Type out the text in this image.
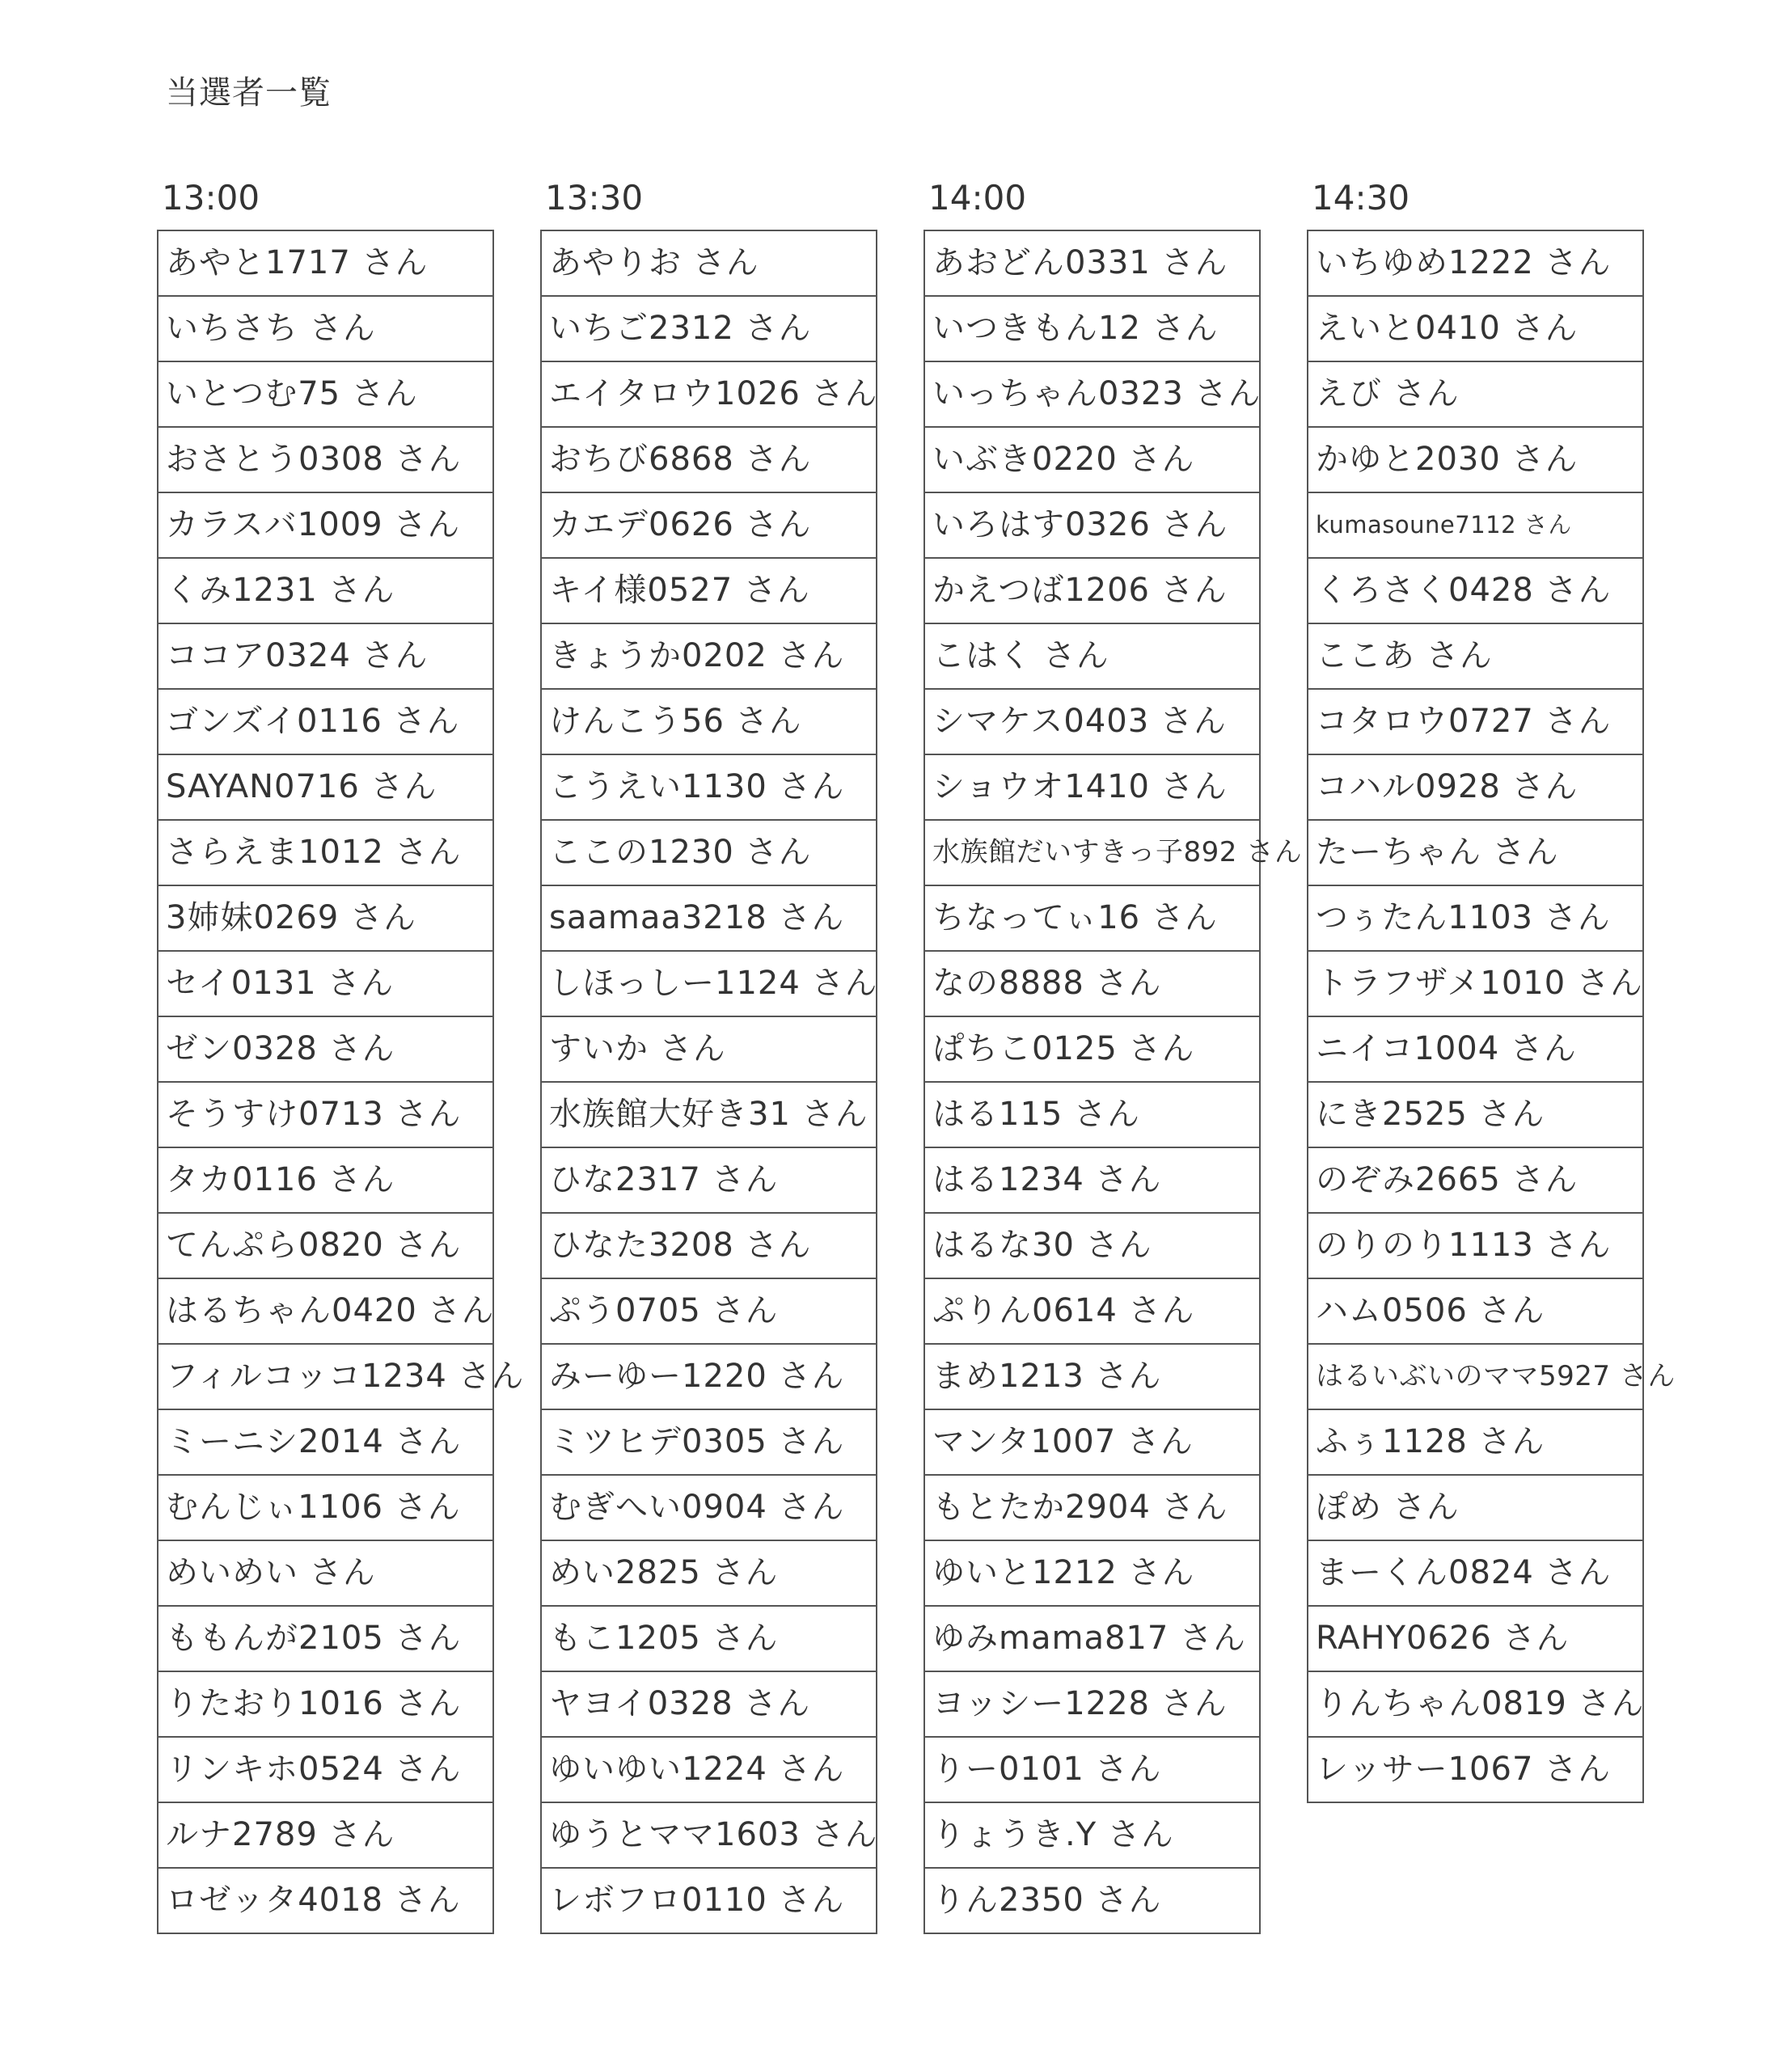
当選者一覧
13:00
あやと1717 さん
いちさち さん
いとつむ75 さん
おさとう0308 さん
カラスバ1009 さん
くみ1231 さん
ココア0324 さん
ゴンズイ0116 さん
SAYAN0716 さん
さらえま1012 さん
3姉妹0269 さん
セイ0131 さん
ゼン0328 さん
そうすけ0713 さん
タカ0116 さん
てんぷら0820 さん
はるちゃん0420 さん
フィルコッコ1234 さん
ミーニシ2014 さん
むんじぃ1106 さん
めいめい さん
ももんが2105 さん
りたおり1016 さん
リンキホ0524 さん
ルナ2789 さん
ロゼッタ4018 さん
13:30
あやりお さん
いちご2312 さん
エイタロウ1026 さん
おちび6868 さん
カエデ0626 さん
キイ様0527 さん
きょうか0202 さん
けんこう56 さん
こうえい1130 さん
ここの1230 さん
saamaa3218 さん
しほっしー1124 さん
すいか さん
水族館大好き31 さん
ひな2317 さん
ひなた3208 さん
ぷう0705 さん
みーゆー1220 さん
ミツヒデ0305 さん
むぎへい0904 さん
めい2825 さん
もこ1205 さん
ヤヨイ0328 さん
ゆいゆい1224 さん
ゆうとママ1603 さん
レボフロ0110 さん
14:00
あおどん0331 さん
いつきもん12 さん
いっちゃん0323 さん
いぶき0220 さん
いろはす0326 さん
かえつば1206 さん
こはく さん
シマケス0403 さん
ショウオ1410 さん
水族館だいすきっ子892 さん
ちなってぃ16 さん
なの8888 さん
ぱちこ0125 さん
はる115 さん
はる1234 さん
はるな30 さん
ぷりん0614 さん
まめ1213 さん
マンタ1007 さん
もとたか2904 さん
ゆいと1212 さん
ゆみmama817 さん
ヨッシー1228 さん
りー0101 さん
りょうき.Y さん
りん2350 さん
14:30
いちゆめ1222 さん
えいと0410 さん
えび さん
かゆと2030 さん
kumasoune7112 さん
くろさく0428 さん
ここあ さん
コタロウ0727 さん
コハル0928 さん
たーちゃん さん
つぅたん1103 さん
トラフザメ1010 さん
ニイコ1004 さん
にき2525 さん
のぞみ2665 さん
のりのり1113 さん
ハム0506 さん
はるいぶいのママ5927 さん
ふぅ1128 さん
ぽめ さん
まーくん0824 さん
RAHY0626 さん
りんちゃん0819 さん
レッサー1067 さん
